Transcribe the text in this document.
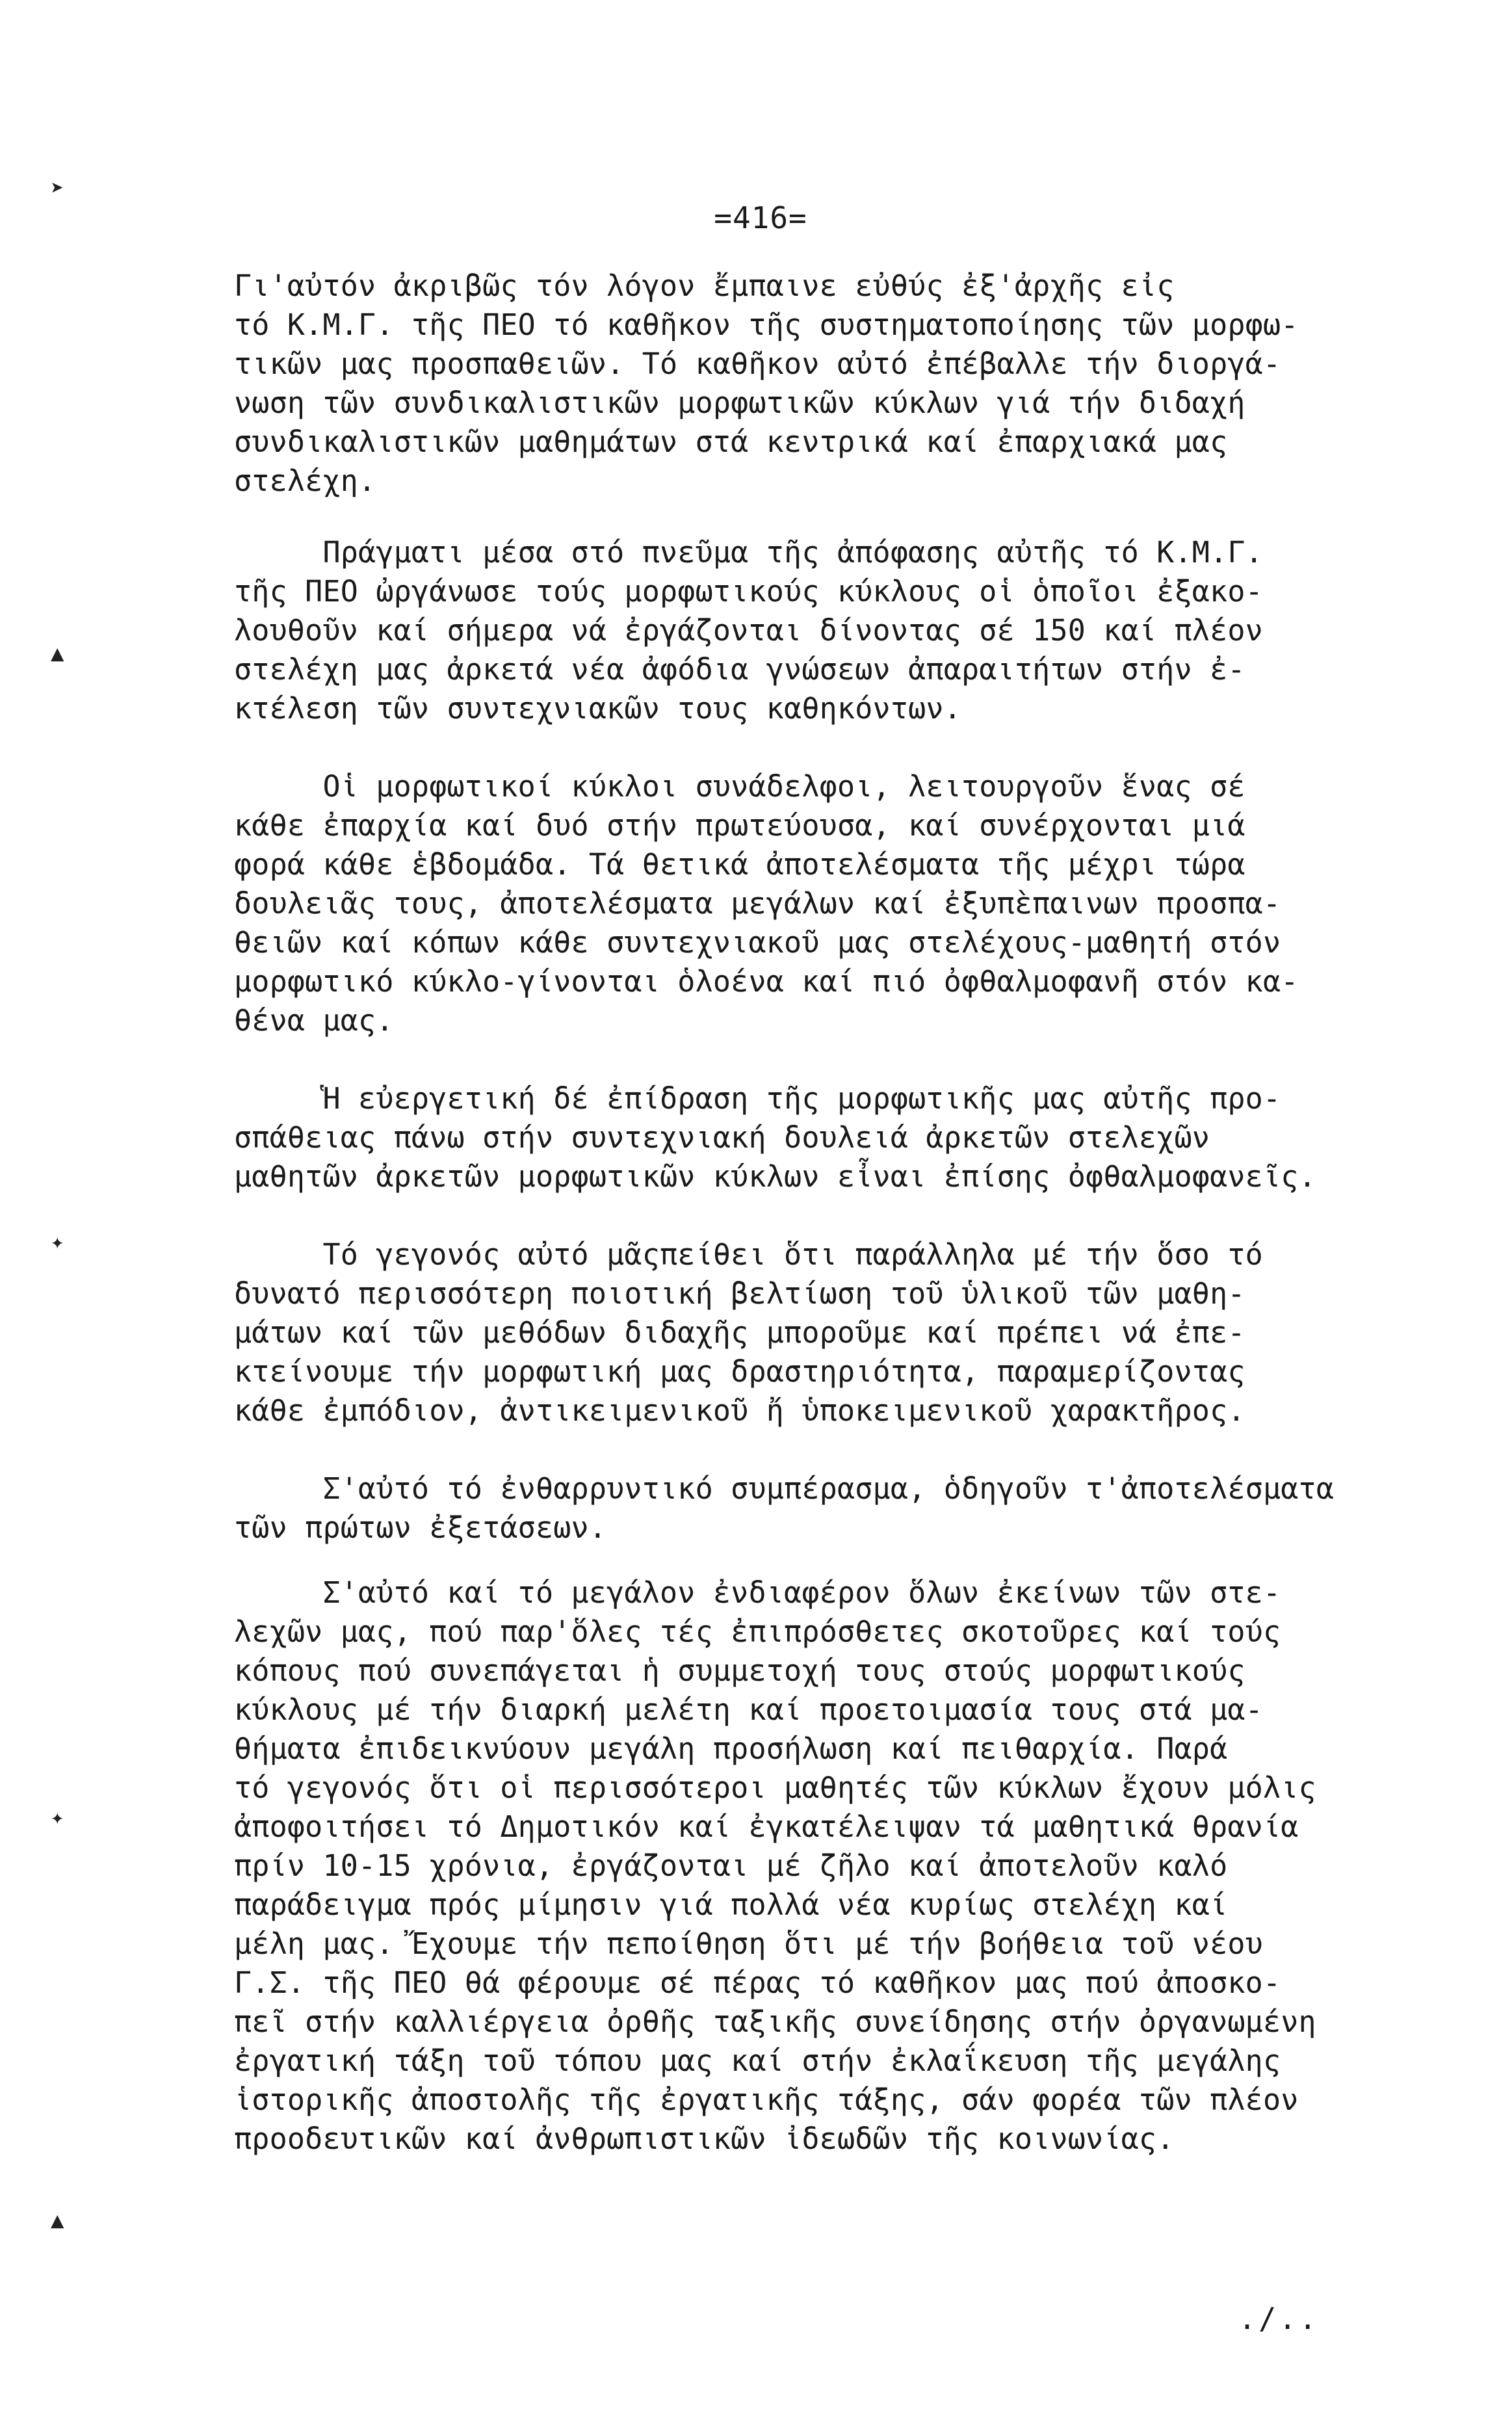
➤
▲
✦
✦
▲
=416=
Γι'αὐτόν ἀκριβῶς τόν λόγον ἔμπαινε εὐθύς ἐξ'ἀρχῆς εἰς
τό Κ.Μ.Γ. τῆς ΠΕΟ τό καθῆκον τῆς συστηματοποίησης τῶν μορφω-
τικῶν μας προσπαθειῶν. Τό καθῆκον αὐτό ἐπέβαλλε τήν διοργά-
νωση τῶν συνδικαλιστικῶν μορφωτικῶν κύκλων γιά τήν διδαχή
συνδικαλιστικῶν μαθημάτων στά κεντρικά καί ἐπαρχιακά μας
στελέχη.
Πράγματι μέσα στό πνεῦμα τῆς ἀπόφασης αὐτῆς τό Κ.Μ.Γ.
τῆς ΠΕΟ ὠργάνωσε τούς μορφωτικούς κύκλους οἱ ὁποῖοι ἐξακο-
λουθοῦν καί σήμερα νά ἐργάζονται δίνοντας σέ 150 καί πλέον
στελέχη μας ἀρκετά νέα ἀφόδια γνώσεων ἀπαραιτήτων στήν ἐ-
κτέλεση τῶν συντεχνιακῶν τους καθηκόντων.
Οἱ μορφωτικοί κύκλοι συνάδελφοι, λειτουργοῦν ἕνας σέ
κάθε ἐπαρχία καί δυό στήν πρωτεύουσα, καί συνέρχονται μιά
φορά κάθε ἑβδομάδα. Τά θετικά ἀποτελέσματα τῆς μέχρι τώρα
δουλειᾶς τους, ἀποτελέσματα μεγάλων καί ἐξυπὲπαινων προσπα-
θειῶν καί κόπων κάθε συντεχνιακοῦ μας στελέχους-μαθητή στόν
μορφωτικό κύκλο-γίνονται ὁλοένα καί πιό ὀφθαλμοφανῆ στόν κα-
θένα μας.
Ἡ εὐεργετική δέ ἐπίδραση τῆς μορφωτικῆς μας αὐτῆς προ-
σπάθειας πάνω στήν συντεχνιακή δουλειά ἀρκετῶν στελεχῶν
μαθητῶν ἀρκετῶν μορφωτικῶν κύκλων εἶναι ἐπίσης ὀφθαλμοφανεῖς.
Τό γεγονός αὐτό μᾶςπείθει ὅτι παράλληλα μέ τήν ὅσο τό
δυνατό περισσότερη ποιοτική βελτίωση τοῦ ὑλικοῦ τῶν μαθη-
μάτων καί τῶν μεθόδων διδαχῆς μποροῦμε καί πρέπει νά ἐπε-
κτείνουμε τήν μορφωτική μας δραστηριότητα, παραμερίζοντας
κάθε ἐμπόδιον, ἀντικειμενικοῦ ἤ ὑποκειμενικοῦ χαρακτῆρος.
Σ'αὐτό τό ἐνθαρρυντικό συμπέρασμα, ὁδηγοῦν τ'ἀποτελέσματα
τῶν πρώτων ἐξετάσεων.
Σ'αὐτό καί τό μεγάλον ἐνδιαφέρον ὅλων ἐκείνων τῶν στε-
λεχῶν μας, πού παρ'ὅλες τές ἐπιπρόσθετες σκοτοῦρες καί τούς
κόπους πού συνεπάγεται ἡ συμμετοχή τους στούς μορφωτικούς
κύκλους μέ τήν διαρκή μελέτη καί προετοιμασία τους στά μα-
θήματα ἐπιδεικνύουν μεγάλη προσήλωση καί πειθαρχία. Παρά
τό γεγονός ὅτι οἱ περισσότεροι μαθητές τῶν κύκλων ἔχουν μόλις
ἀποφοιτήσει τό Δημοτικόν καί ἐγκατέλειψαν τά μαθητικά θρανία
πρίν 10-15 χρόνια, ἐργάζονται μέ ζῆλο καί ἀποτελοῦν καλό
παράδειγμα πρός μίμησιν γιά πολλά νέα κυρίως στελέχη καί
μέλη μας. Ἔχουμε τήν πεποίθηση ὅτι μέ τήν βοήθεια τοῦ νέου
Γ.Σ. τῆς ΠΕΟ θά φέρουμε σέ πέρας τό καθῆκον μας πού ἀποσκο-
πεῖ στήν καλλιέργεια ὀρθῆς ταξικῆς συνείδησης στήν ὀργανωμένη
ἐργατική τάξη τοῦ τόπου μας καί στήν ἐκλαΐκευση τῆς μεγάλης
ἱστορικῆς ἀποστολῆς τῆς ἐργατικῆς τάξης, σάν φορέα τῶν πλέον
προοδευτικῶν καί ἀνθρωπιστικῶν ἰδεωδῶν τῆς κοινωνίας.
./..
